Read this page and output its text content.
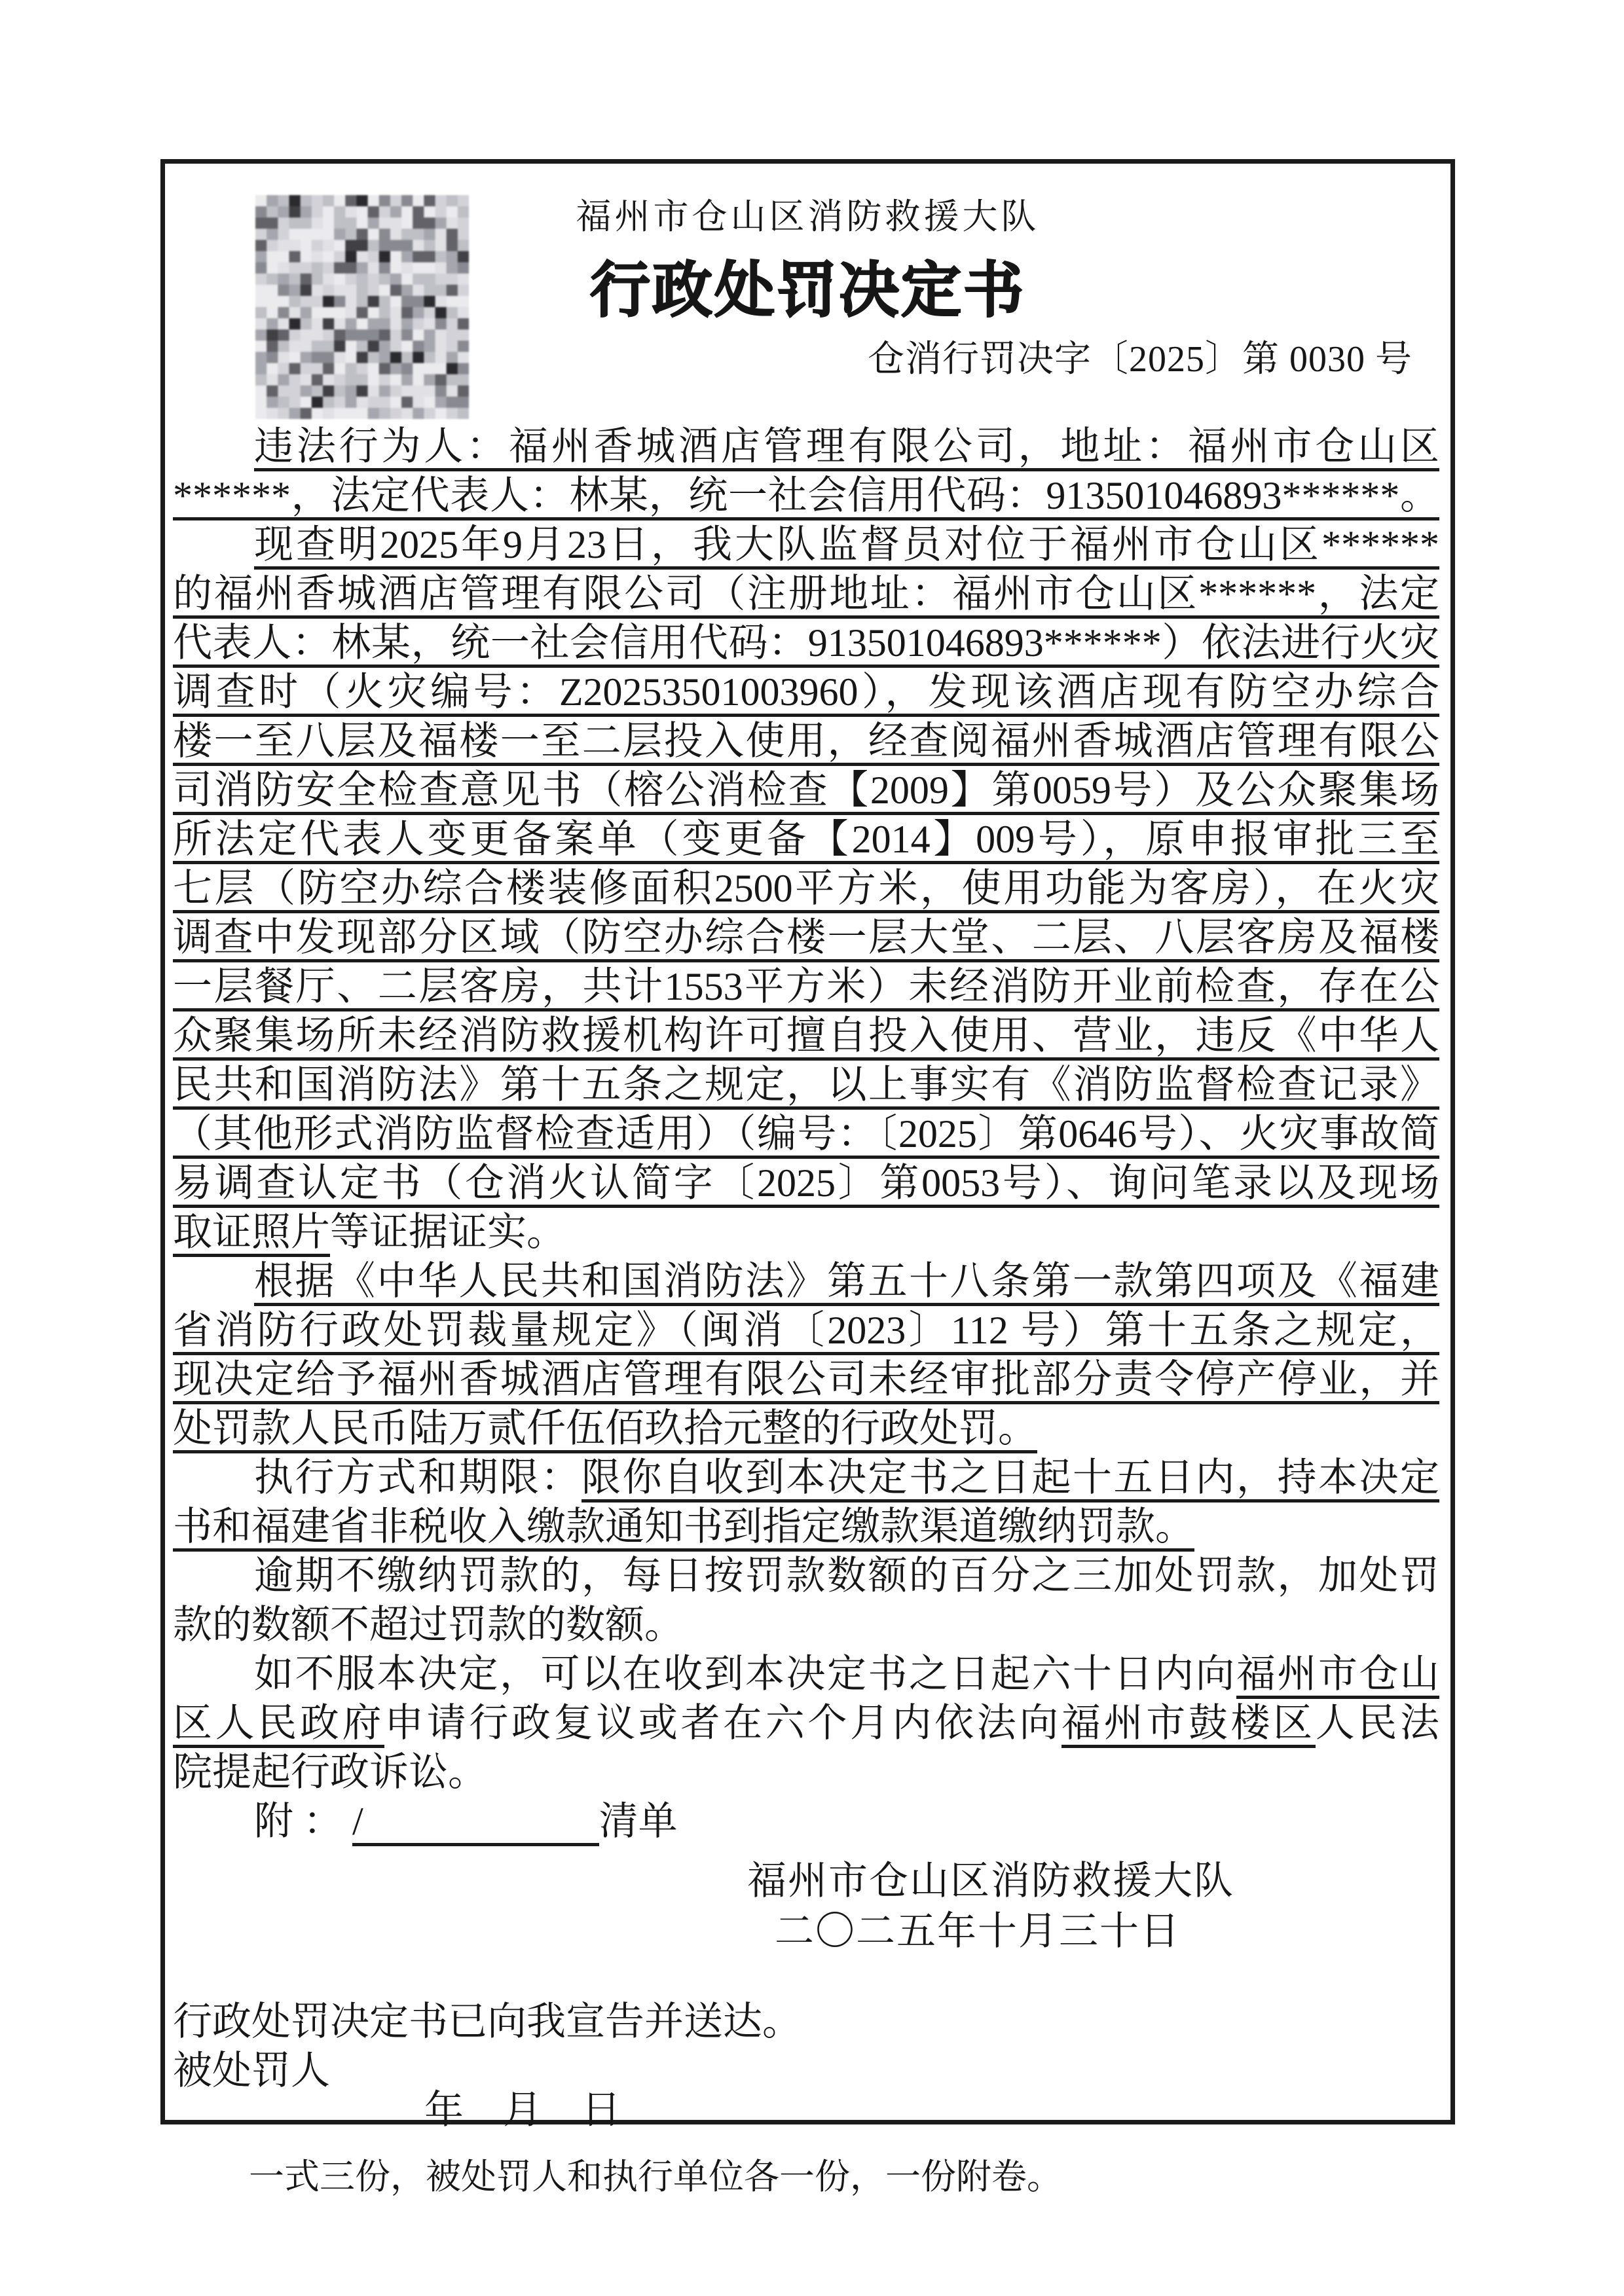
福州市仓山区消防救援大队
行政处罚决定书
仓消行罚决字〔2025〕第 0030 号
违法行为人：福州香城酒店管理有限公司，地址：福州市仓山区
******，法定代表人：林某，统一社会信用代码：913501046893******。
现查明2025年9月23日，我大队监督员对位于福州市仓山区******
的福州香城酒店管理有限公司（注册地址：福州市仓山区******，法定
代表人：林某，统一社会信用代码：913501046893******）依法进行火灾
调查时（火灾编号：Z20253501003960），发现该酒店现有防空办综合
楼一至八层及福楼一至二层投入使用，经查阅福州香城酒店管理有限公
司消防安全检查意见书（榕公消检查【2009】第0059号）及公众聚集场
所法定代表人变更备案单（变更备【2014】009号），原申报审批三至
七层（防空办综合楼装修面积2500平方米，使用功能为客房），在火灾
调查中发现部分区域（防空办综合楼一层大堂、二层、八层客房及福楼
一层餐厅、二层客房，共计1553平方米）未经消防开业前检查，存在公
众聚集场所未经消防救援机构许可擅自投入使用、营业，违反《中华人
民共和国消防法》第十五条之规定，以上事实有《消防监督检查记录》
（其他形式消防监督检查适用）（编号：〔2025〕第0646号）、火灾事故简
易调查认定书（仓消火认简字〔2025〕第0053号）、询问笔录以及现场
取证照片等证据证实。
根据《中华人民共和国消防法》第五十八条第一款第四项及《福建
省消防行政处罚裁量规定》（闽消〔2023〕112 号）第十五条之规定，
现决定给予福州香城酒店管理有限公司未经审批部分责令停产停业，并
处罚款人民币陆万贰仟伍佰玖拾元整的行政处罚。
执行方式和期限：限你自收到本决定书之日起十五日内，持本决定
书和福建省非税收入缴款通知书到指定缴款渠道缴纳罚款。
逾期不缴纳罚款的，每日按罚款数额的百分之三加处罚款，加处罚
款的数额不超过罚款的数额。
如不服本决定，可以在收到本决定书之日起六十日内向福州市仓山
区人民政府申请行政复议或者在六个月内依法向福州市鼓楼区人民法
院提起行政诉讼。
附 ： /　　　　　　清单
福州市仓山区消防救援大队
二〇二五年十月三十日
行政处罚决定书已向我宣告并送达。
被处罚人
年　月　日
一式三份，被处罚人和执行单位各一份，一份附卷。
